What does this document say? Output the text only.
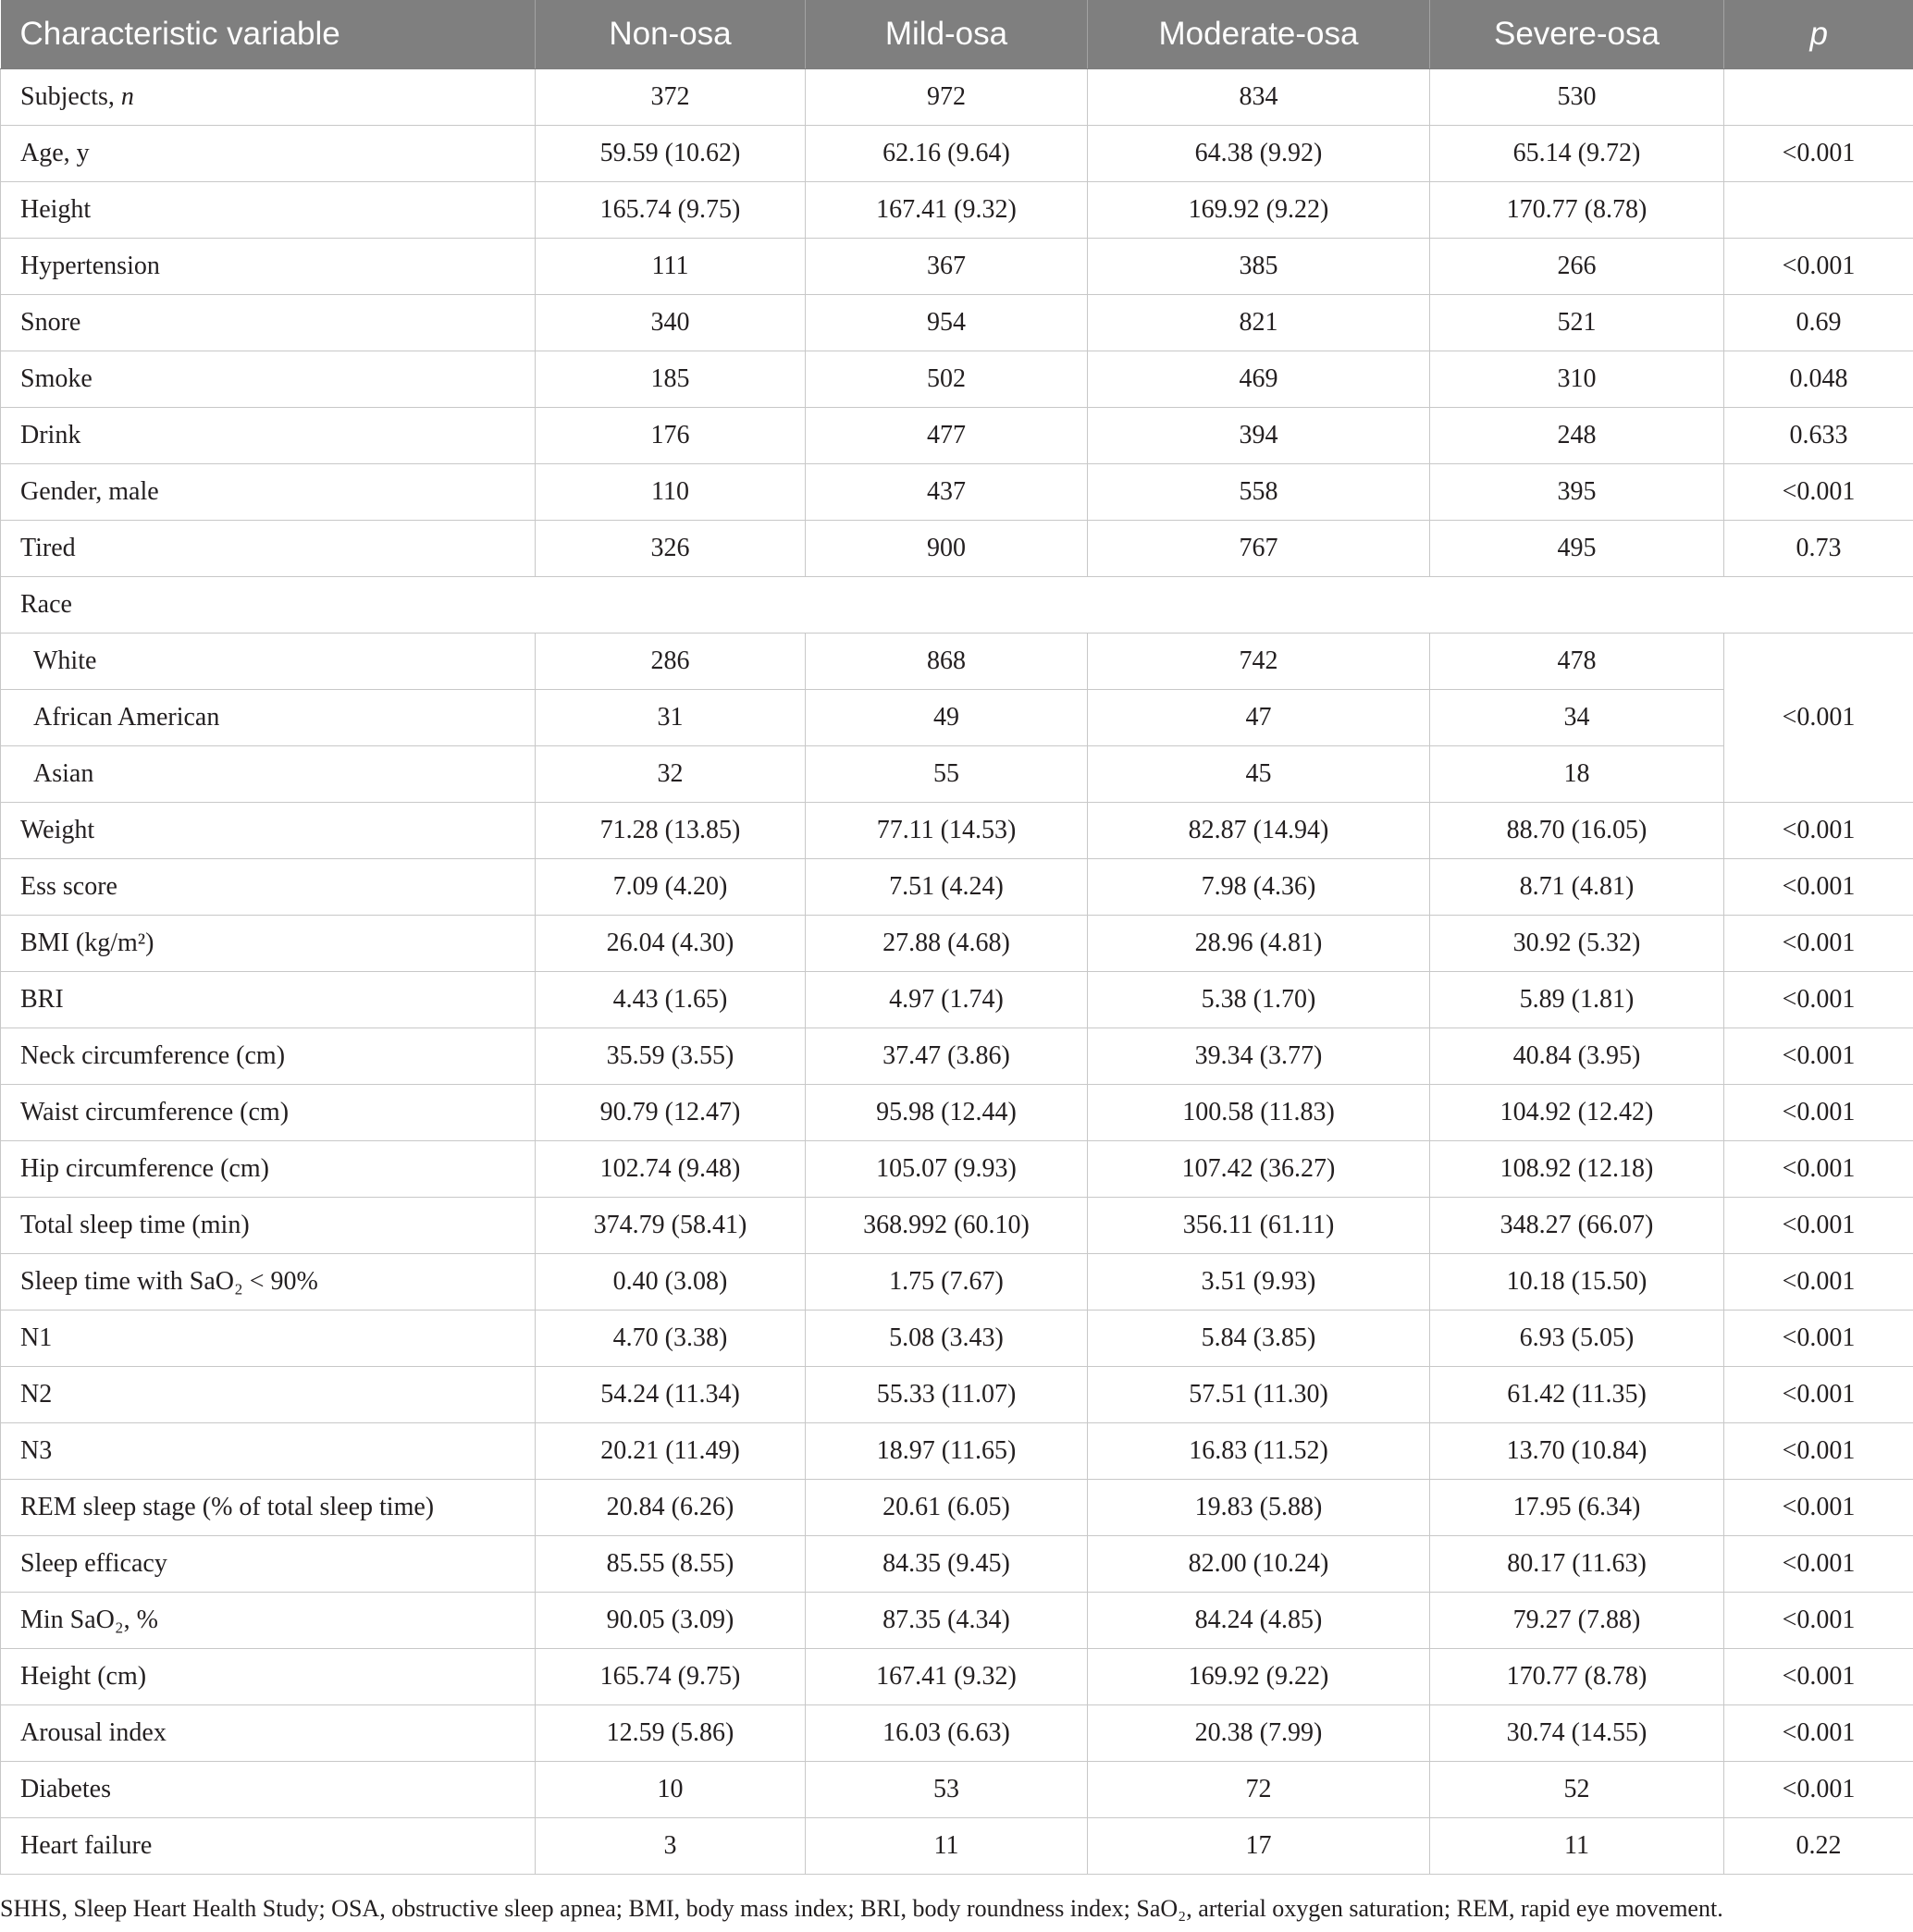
Characteristic variable	Non-osa	Mild-osa	Moderate-osa	Severe-osa	p
Subjects, n	372	972	834	530	
Age, y	59.59 (10.62)	62.16 (9.64)	64.38 (9.92)	65.14 (9.72)	<0.001
Height	165.74 (9.75)	167.41 (9.32)	169.92 (9.22)	170.77 (8.78)	
Hypertension	111	367	385	266	<0.001
Snore	340	954	821	521	0.69
Smoke	185	502	469	310	0.048
Drink	176	477	394	248	0.633
Gender, male	110	437	558	395	<0.001
Tired	326	900	767	495	0.73
Race					
White	286	868	742	478	<0.001
African American	31	49	47	34	
Asian	32	55	45	18	
Weight	71.28 (13.85)	77.11 (14.53)	82.87 (14.94)	88.70 (16.05)	<0.001
Ess score	7.09 (4.20)	7.51 (4.24)	7.98 (4.36)	8.71 (4.81)	<0.001
BMI (kg/m²)	26.04 (4.30)	27.88 (4.68)	28.96 (4.81)	30.92 (5.32)	<0.001
BRI	4.43 (1.65)	4.97 (1.74)	5.38 (1.70)	5.89 (1.81)	<0.001
Neck circumference (cm)	35.59 (3.55)	37.47 (3.86)	39.34 (3.77)	40.84 (3.95)	<0.001
Waist circumference (cm)	90.79 (12.47)	95.98 (12.44)	100.58 (11.83)	104.92 (12.42)	<0.001
Hip circumference (cm)	102.74 (9.48)	105.07 (9.93)	107.42 (36.27)	108.92 (12.18)	<0.001
Total sleep time (min)	374.79 (58.41)	368.992 (60.10)	356.11 (61.11)	348.27 (66.07)	<0.001
Sleep time with SaO₂ < 90%	0.40 (3.08)	1.75 (7.67)	3.51 (9.93)	10.18 (15.50)	<0.001
N1	4.70 (3.38)	5.08 (3.43)	5.84 (3.85)	6.93 (5.05)	<0.001
N2	54.24 (11.34)	55.33 (11.07)	57.51 (11.30)	61.42 (11.35)	<0.001
N3	20.21 (11.49)	18.97 (11.65)	16.83 (11.52)	13.70 (10.84)	<0.001
REM sleep stage (% of total sleep time)	20.84 (6.26)	20.61 (6.05)	19.83 (5.88)	17.95 (6.34)	<0.001
Sleep efficacy	85.55 (8.55)	84.35 (9.45)	82.00 (10.24)	80.17 (11.63)	<0.001
Min SaO₂, %	90.05 (3.09)	87.35 (4.34)	84.24 (4.85)	79.27 (7.88)	<0.001
Height (cm)	165.74 (9.75)	167.41 (9.32)	169.92 (9.22)	170.77 (8.78)	<0.001
Arousal index	12.59 (5.86)	16.03 (6.63)	20.38 (7.99)	30.74 (14.55)	<0.001
Diabetes	10	53	72	52	<0.001
Heart failure	3	11	17	11	0.22

SHHS, Sleep Heart Health Study; OSA, obstructive sleep apnea; BMI, body mass index; BRI, body roundness index; SaO₂, arterial oxygen saturation; REM, rapid eye movement.
